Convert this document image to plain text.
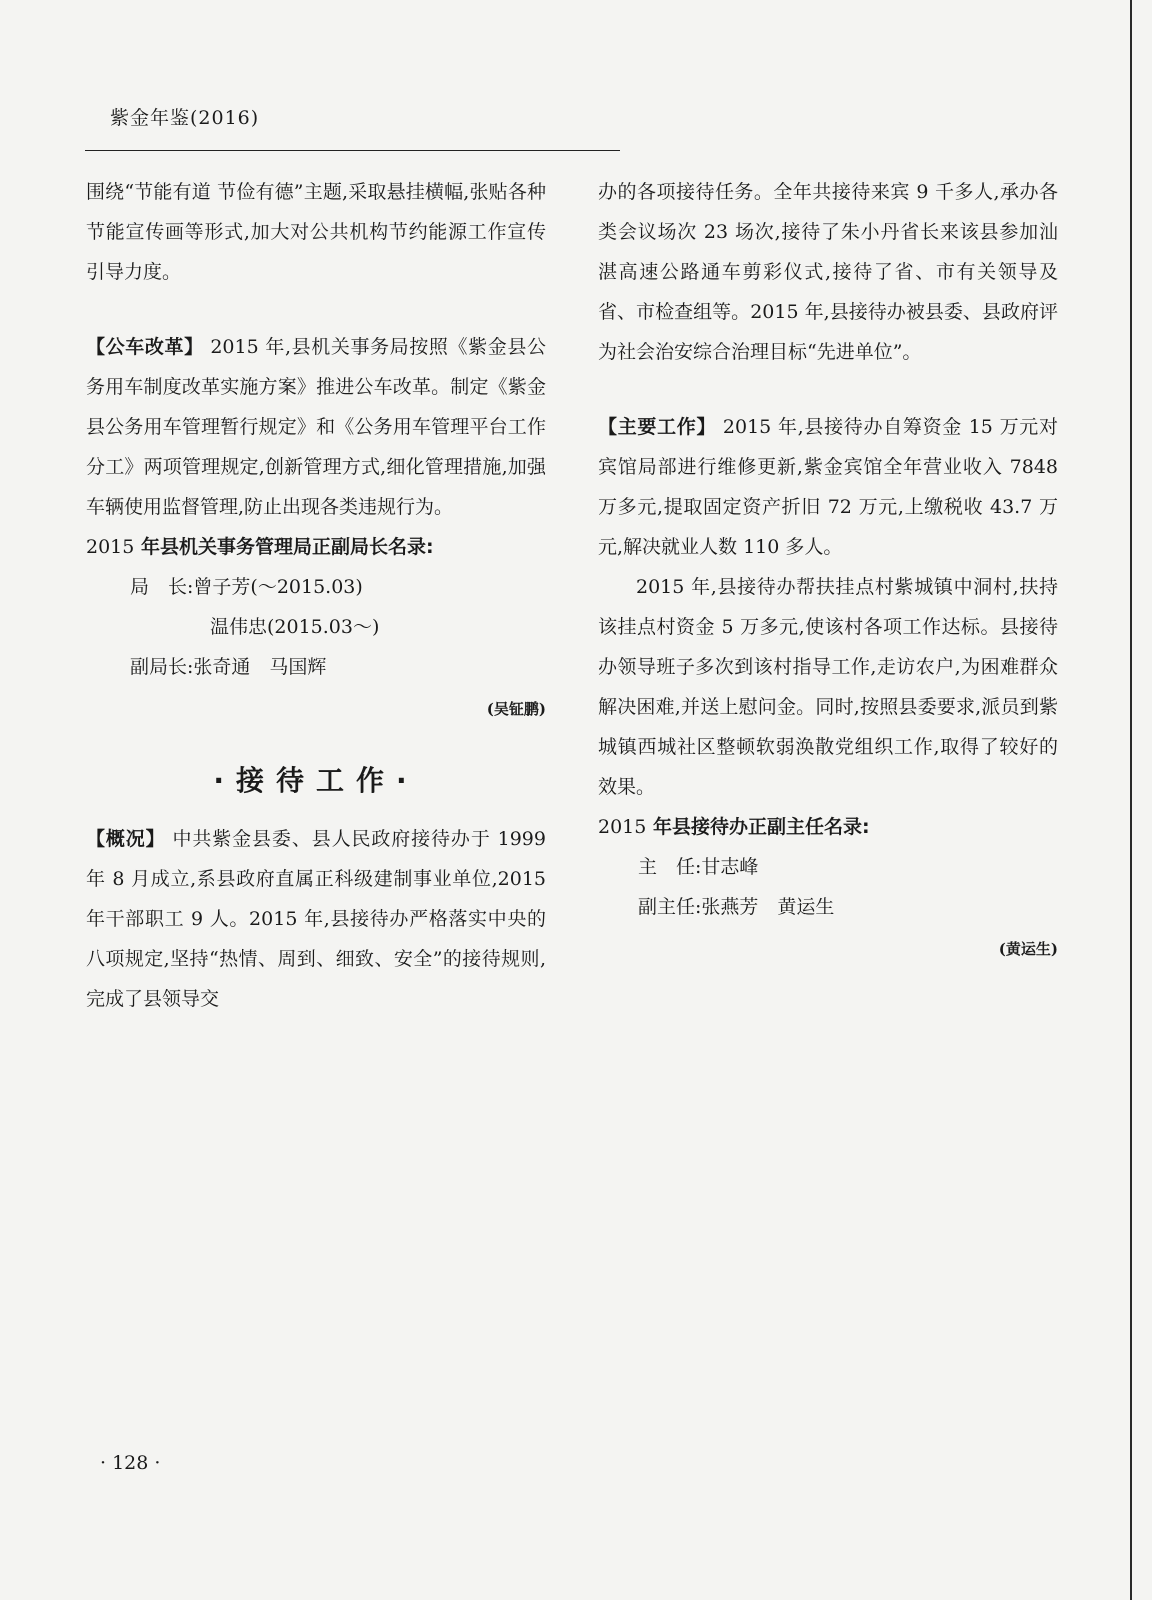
紫金年鉴(2016)

围绕“节能有道 节俭有德”主题,采取悬挂横幅,张贴各种节能宣传画等形式,加大对公共机构节约能源工作宣传引导力度。

【公车改革】 2015 年,县机关事务局按照《紫金县公务用车制度改革实施方案》推进公车改革。制定《紫金县公务用车管理暂行规定》和《公务用车管理平台工作分工》两项管理规定,创新管理方式,细化管理措施,加强车辆使用监督管理,防止出现各类违规行为。

2015 年县机关事务管理局正副局长名录:

局　长:曾子芳(～2015.03)

温伟忠(2015.03～)

副局长:张奇通　马国辉

(吴钲鹏)

·接待工作·

【概况】 中共紫金县委、县人民政府接待办于 1999 年 8 月成立,系县政府直属正科级建制事业单位,2015 年干部职工 9 人。2015 年,县接待办严格落实中央的八项规定,坚持“热情、周到、细致、安全”的接待规则,完成了县领导交

办的各项接待任务。全年共接待来宾 9 千多人,承办各类会议场次 23 场次,接待了朱小丹省长来该县参加汕湛高速公路通车剪彩仪式,接待了省、市有关领导及省、市检查组等。2015 年,县接待办被县委、县政府评为社会治安综合治理目标“先进单位”。

【主要工作】 2015 年,县接待办自筹资金 15 万元对宾馆局部进行维修更新,紫金宾馆全年营业收入 7848 万多元,提取固定资产折旧 72 万元,上缴税收 43.7 万元,解决就业人数 110 多人。

2015 年,县接待办帮扶挂点村紫城镇中洞村,扶持该挂点村资金 5 万多元,使该村各项工作达标。县接待办领导班子多次到该村指导工作,走访农户,为困难群众解决困难,并送上慰问金。同时,按照县委要求,派员到紫城镇西城社区整顿软弱涣散党组织工作,取得了较好的效果。

2015 年县接待办正副主任名录:

主　任:甘志峰

副主任:张燕芳　黄运生

(黄运生)

· 128 ·
